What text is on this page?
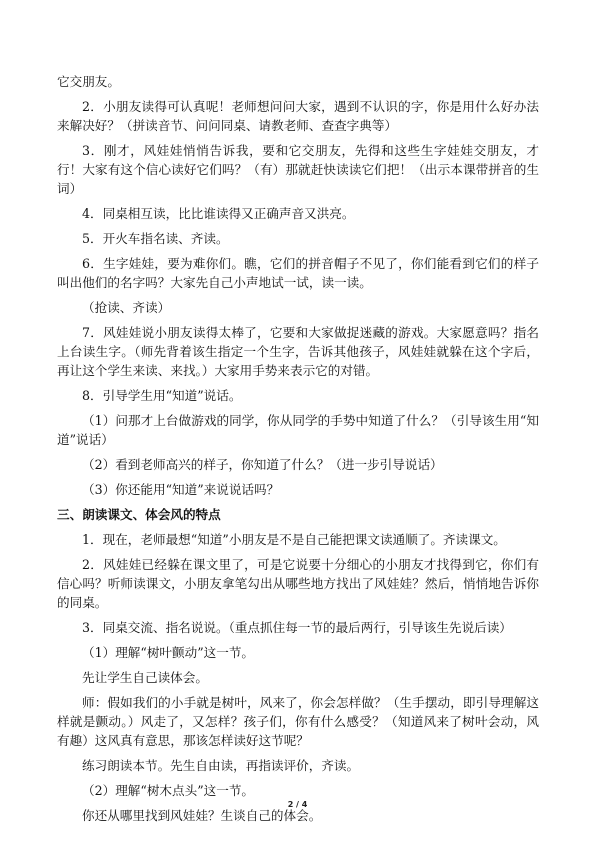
它交朋友。

2．小朋友读得可认真呢！老师想问问大家，遇到不认识的字，你是用什么好办法来解决好？（拼读音节、问问同桌、请教老师、查查字典等）

3．刚才，风娃娃悄悄告诉我，要和它交朋友，先得和这些生字娃娃交朋友，才行！大家有这个信心读好它们吗？（有）那就赶快读读它们把！（出示本课带拼音的生词）

4．同桌相互读，比比谁读得又正确声音又洪亮。

5．开火车指名读、齐读。

6．生字娃娃，要为难你们。瞧，它们的拼音帽子不见了，你们能看到它们的样子叫出他们的名字吗？大家先自己小声地试一试，读一读。

（抢读、齐读）

7．风娃娃说小朋友读得太棒了，它要和大家做捉迷藏的游戏。大家愿意吗？指名上台读生字。（师先背着该生指定一个生字，告诉其他孩子，风娃娃就躲在这个字后，再让这个学生来读、来找。）大家用手势来表示它的对错。

8．引导学生用“知道”说话。

（1）问那才上台做游戏的同学，你从同学的手势中知道了什么？（引导该生用“知道”说话）

（2）看到老师高兴的样子，你知道了什么？（进一步引导说话）

（3）你还能用“知道”来说说话吗？

三、朗读课文、体会风的特点

1．现在，老师最想“知道”小朋友是不是自己能把课文读通顺了。齐读课文。

2．风娃娃已经躲在课文里了，可是它说要十分细心的小朋友才找得到它，你们有信心吗？听师读课文，小朋友拿笔勾出从哪些地方找出了风娃娃？然后，悄悄地告诉你的同桌。

3．同桌交流、指名说说。（重点抓住每一节的最后两行，引导该生先说后读）

（1）理解“树叶颤动”这一节。

先让学生自己读体会。

师：假如我们的小手就是树叶，风来了，你会怎样做？（生手摆动，即引导理解这样就是颤动。）风走了，又怎样？孩子们，你有什么感受？（知道风来了树叶会动，风有趣）这风真有意思，那该怎样读好这节呢？

练习朗读本节。先生自由读，再指读评价，齐读。

（2）理解“树木点头”这一节。

你还从哪里找到风娃娃？生谈自己的体会。

2 / 4
